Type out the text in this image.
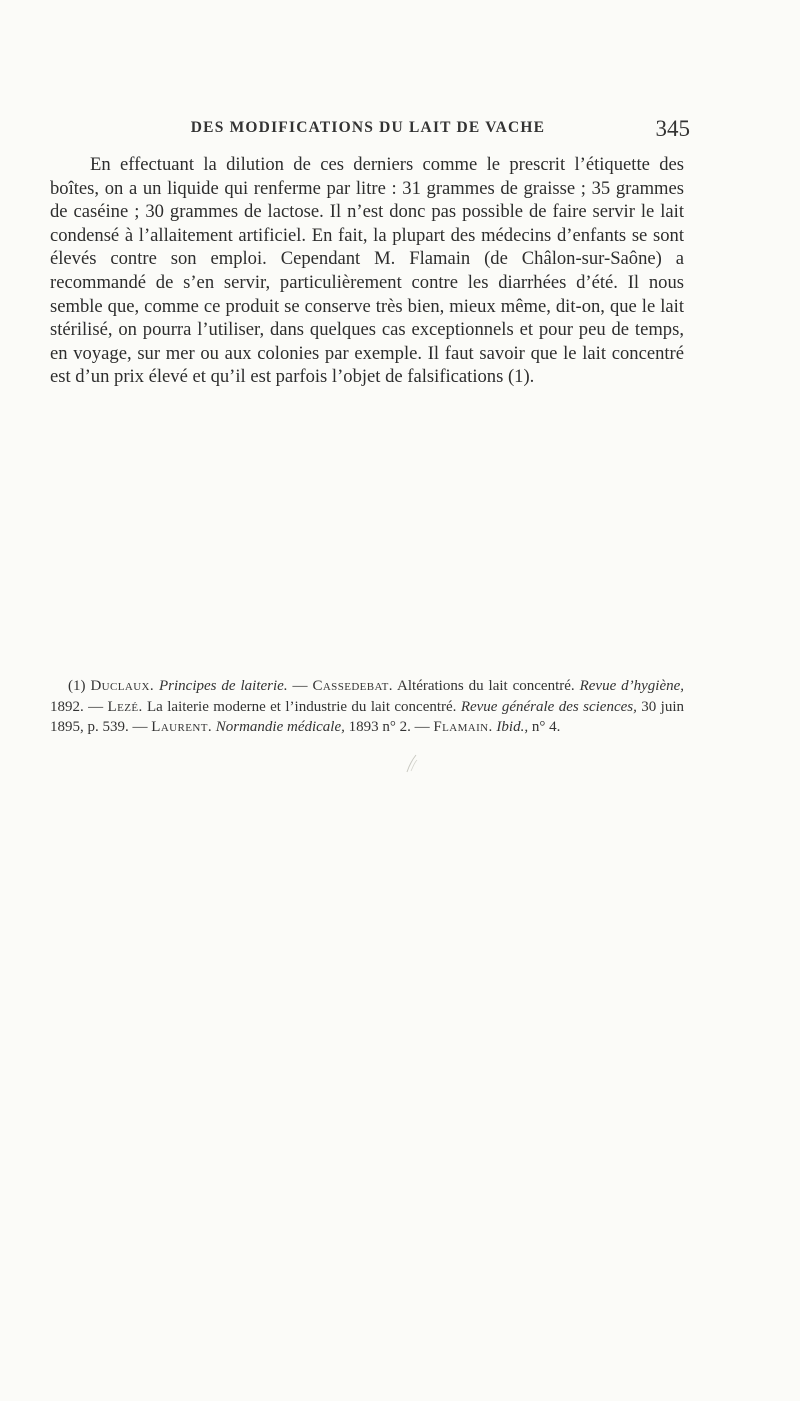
DES MODIFICATIONS DU LAIT DE VACHE	345

En effectuant la dilution de ces derniers comme le prescrit l’étiquette des boîtes, on a un liquide qui renferme par litre : 31 grammes de graisse ; 35 grammes de caséine ; 30 grammes de lactose. Il n’est donc pas possible de faire servir le lait condensé à l’allaitement artificiel. En fait, la plupart des médecins d’enfants se sont élevés contre son emploi. Cependant M. Flamain (de Châlon-sur-Saône) a recommandé de s’en servir, particulièrement contre les diarrhées d’été. Il nous semble que, comme ce produit se conserve très bien, mieux même, dit-on, que le lait stérilisé, on pourra l’utiliser, dans quelques cas exceptionnels et pour peu de temps, en voyage, sur mer ou aux colonies par exemple. Il faut savoir que le lait concentré est d’un prix élevé et qu’il est parfois l’objet de falsifications (1).

(1) Duclaux. Principes de laiterie. — Cassedebat. Altérations du lait concentré. Revue d’hygiène, 1892. — Lezé. La laiterie moderne et l’industrie du lait concentré. Revue générale des sciences, 30 juin 1895, p. 539. — Laurent. Normandie médicale, 1893 n° 2. — Flamain. Ibid., n° 4.
